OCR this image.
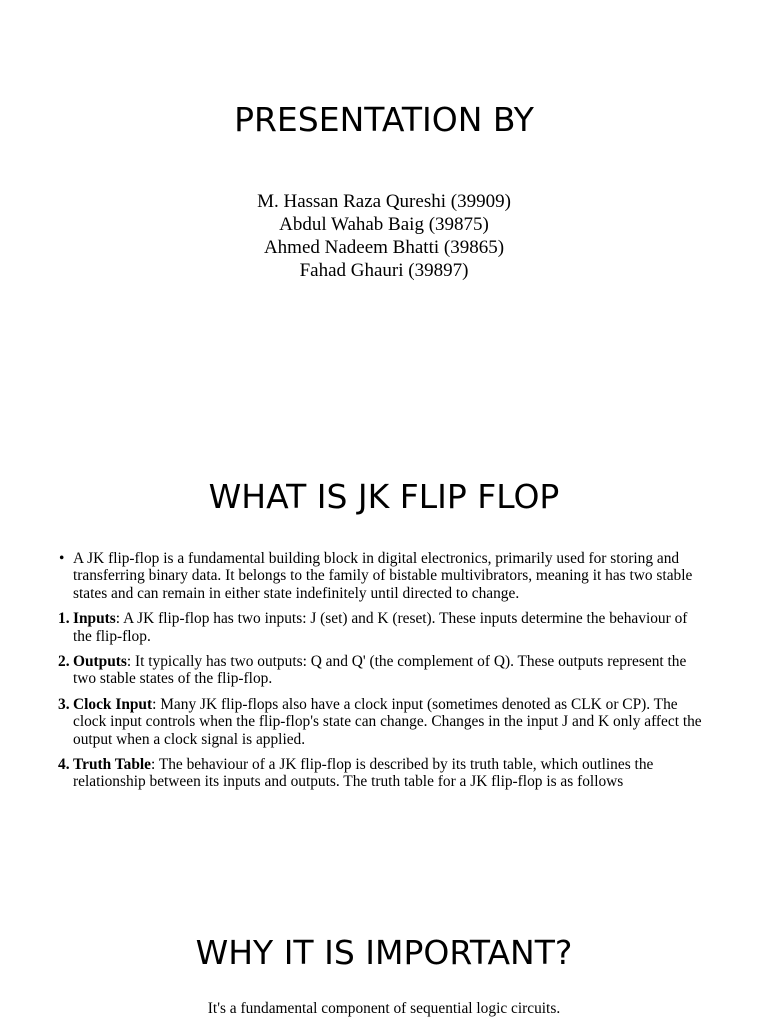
PRESENTATION BY
M. Hassan Raza Qureshi (39909)
Abdul Wahab Baig (39875)
Ahmed Nadeem Bhatti (39865)
Fahad Ghauri (39897)
WHAT IS JK FLIP FLOP
• A JK flip-flop is a fundamental building block in digital electronics, primarily used for storing and transferring binary data. It belongs to the family of bistable multivibrators, meaning it has two stable states and can remain in either state indefinitely until directed to change.
1. Inputs: A JK flip-flop has two inputs: J (set) and K (reset). These inputs determine the behaviour of the flip-flop.
2. Outputs: It typically has two outputs: Q and Q' (the complement of Q). These outputs represent the two stable states of the flip-flop.
3. Clock Input: Many JK flip-flops also have a clock input (sometimes denoted as CLK or CP). The clock input controls when the flip-flop's state can change. Changes in the input J and K only affect the output when a clock signal is applied.
4. Truth Table: The behaviour of a JK flip-flop is described by its truth table, which outlines the relationship between its inputs and outputs. The truth table for a JK flip-flop is as follows
WHY IT IS IMPORTANT?
It's a fundamental component of sequential logic circuits.
